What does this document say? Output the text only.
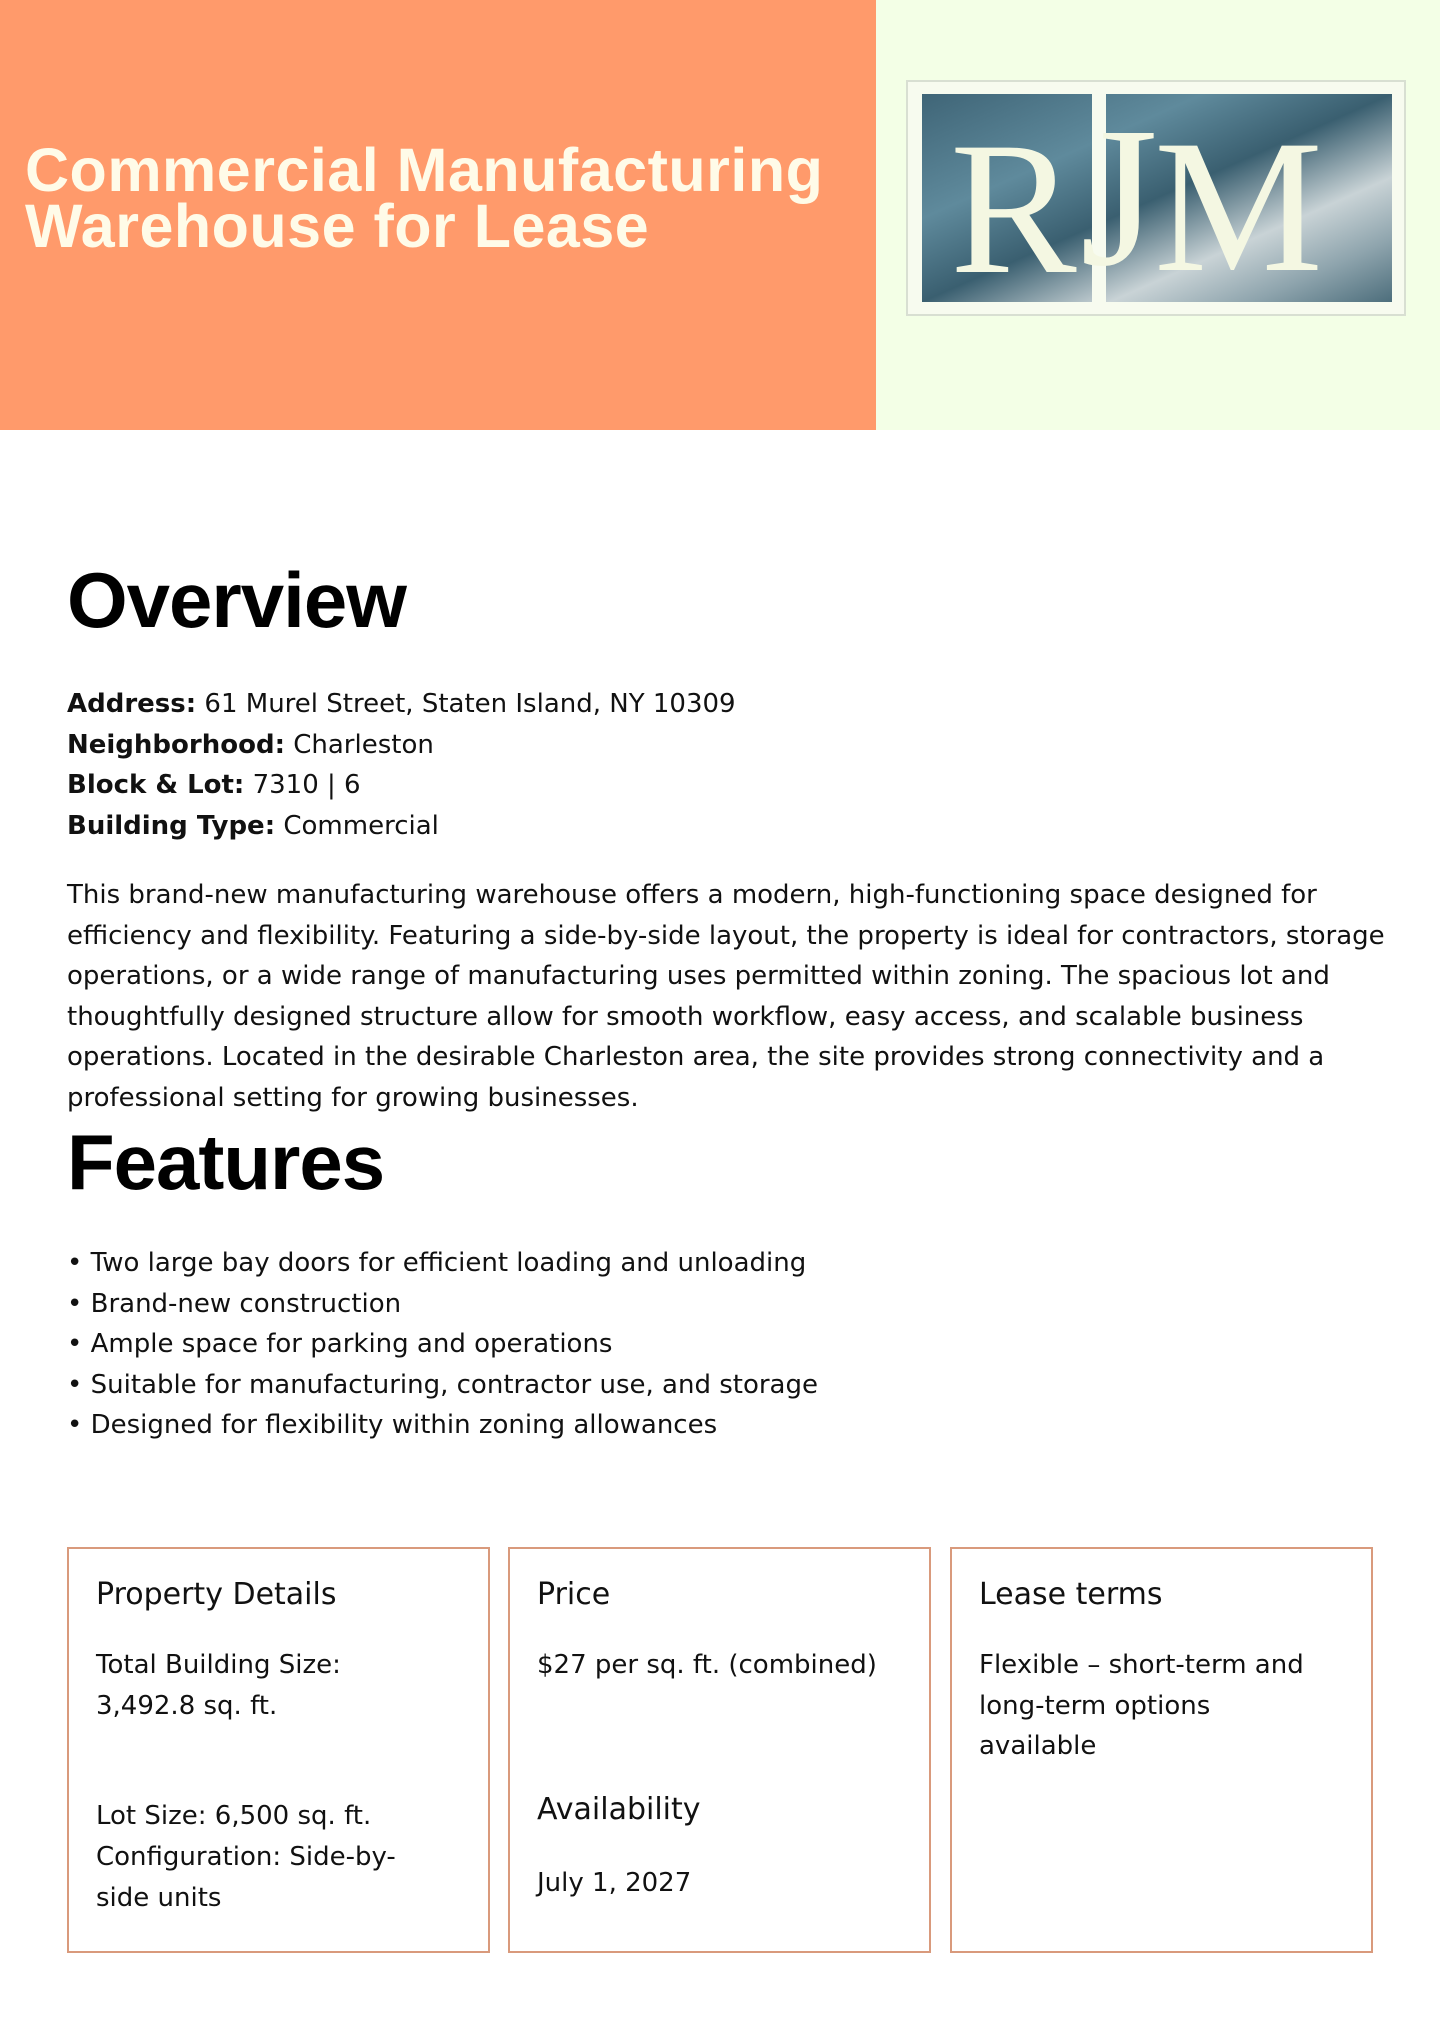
Commercial Manufacturing
Warehouse for Lease	R J
M
Overview
Address: 61 Murel Street, Staten Island, NY 10309
Neighborhood: Charleston
Block & Lot: 7310 | 6
Building Type: Commercial

This brand-new manufacturing warehouse offers a modern, high-functioning space designed for efficiency and flexibility. Featuring a side-by-side layout, the property is ideal for contractors, storage operations, or a wide range of manufacturing uses permitted within zoning. The spacious lot and thoughtfully designed structure allow for smooth workflow, easy access, and scalable business operations. Located in the desirable Charleston area, the site provides strong connectivity and a professional setting for growing businesses.

Features
• Two large bay doors for efficient loading and unloading
• Brand-new construction
• Ample space for parking and operations
• Suitable for manufacturing, contractor use, and storage
• Designed for flexibility within zoning allowances
Property Details
Total Building Size: 3,492.8 sq. ft.
Lot Size: 6,500 sq. ft.
Configuration: Side-by-side units
Price
$27 per sq. ft. (combined)
Availability
July 1, 2027
Lease terms
Flexible – short-term and long-term options available
